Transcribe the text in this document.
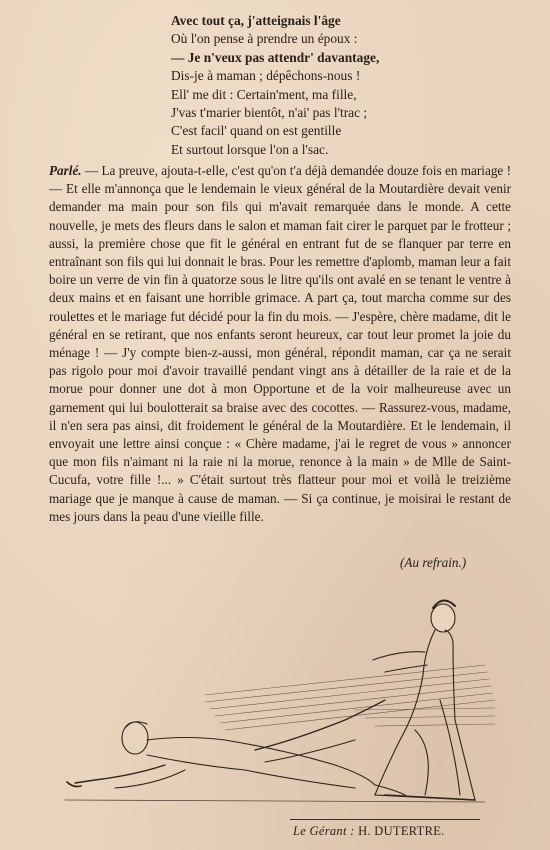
Avec tout ça, j'atteignais l'âge
Où l'on pense à prendre un époux :
— Je n'veux pas attendr' davantage,
Dis-je à maman ; dépêchons-nous !
Ell' me dit : Certain'ment, ma fille,
J'vas t'marier bientôt, n'ai' pas l'trac ;
C'est facil' quand on est gentille
Et surtout lorsque l'on a l'sac.
Parlé. — La preuve, ajouta-t-elle, c'est qu'on t'a déjà demandée douze fois en mariage ! — Et elle m'annonça que le lendemain le vieux général de la Moutardière devait venir demander ma main pour son fils qui m'avait remarquée dans le monde. A cette nouvelle, je mets des fleurs dans le salon et maman fait cirer le parquet par le frotteur ; aussi, la première chose que fit le général en entrant fut de se flanquer par terre en entraînant son fils qui lui donnait le bras. Pour les remettre d'aplomb, maman leur a fait boire un verre de vin fin à quatorze sous le litre qu'ils ont avalé en se tenant le ventre à deux mains et en faisant une horrible grimace. A part ça, tout marcha comme sur des roulettes et le mariage fut décidé pour la fin du mois. — J'espère, chère madame, dit le général en se retirant, que nos enfants seront heureux, car tout leur promet la joie du ménage ! — J'y compte bien-z-aussi, mon général, répondit maman, car ça ne serait pas rigolo pour moi d'avoir travaillé pendant vingt ans à détailler de la raie et de la morue pour donner une dot à mon Opportune et de la voir malheureuse avec un garnement qui lui boulotterait sa braise avec des cocottes. — Rassurez-vous, madame, il n'en sera pas ainsi, dit froidement le général de la Moutardière. Et le lendemain, il envoyait une lettre ainsi conçue : « Chère madame, j'ai le regret de vous » annoncer que mon fils n'aimant ni la raie ni la morue, renonce à la main » de Mlle de Saint-Cucufa, votre fille !... » C'était surtout très flatteur pour moi et voilà le treizième mariage que je manque à cause de maman. — Si ça continue, je moisirai le restant de mes jours dans la peau d'une vieille fille.
(Au refrain.)
Le Gérant : H. DUTERTRE.
